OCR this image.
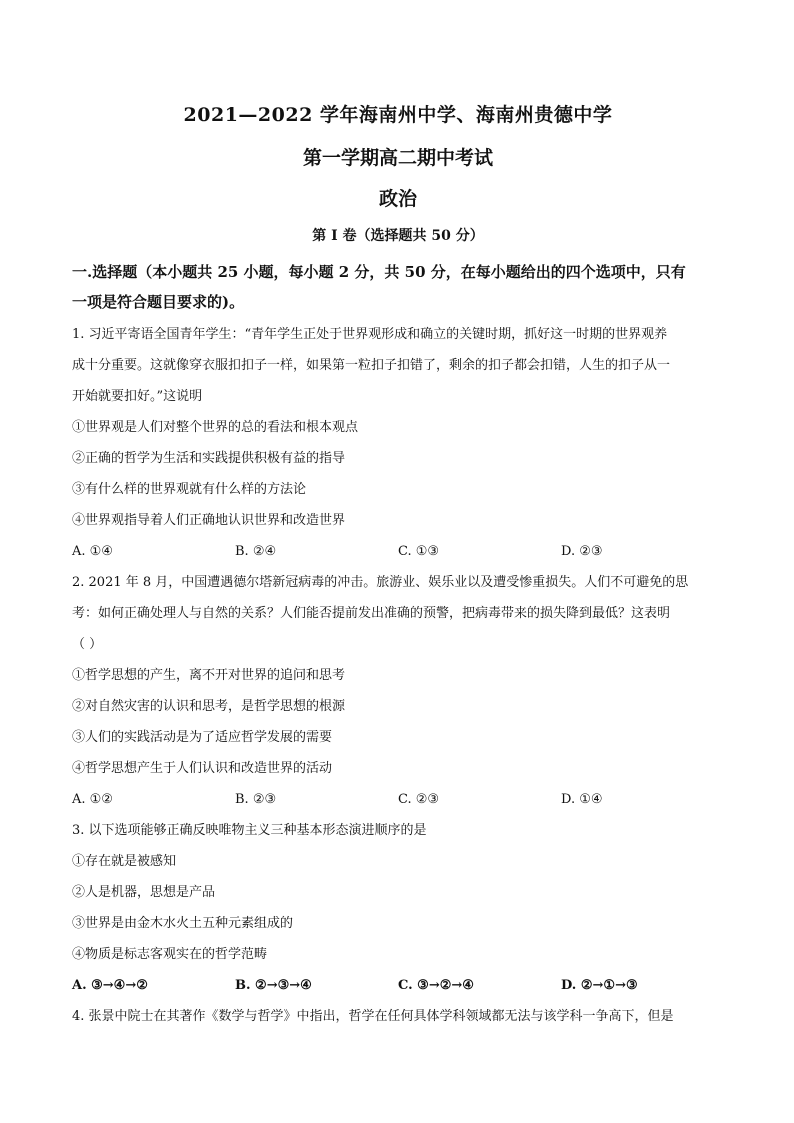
2021—2022 学年海南州中学、海南州贵德中学
第一学期高二期中考试
政治
第 I 卷（选择题共 50 分）
一.选择题（本小题共 25 小题，每小题 2 分，共 50 分，在每小题给出的四个选项中，只有
一项是符合题目要求的)。
1. 习近平寄语全国青年学生：“青年学生正处于世界观形成和确立的关键时期，抓好这一时期的世界观养
成十分重要。这就像穿衣服扣扣子一样，如果第一粒扣子扣错了，剩余的扣子都会扣错，人生的扣子从一
开始就要扣好。”这说明
①世界观是人们对整个世界的总的看法和根本观点
②正确的哲学为生活和实践提供积极有益的指导
③有什么样的世界观就有什么样的方法论
④世界观指导着人们正确地认识世界和改造世界
A. ①④	B. ②④	C. ①③	D. ②③
2. 2021 年 8 月，中国遭遇德尔塔新冠病毒的冲击。旅游业、娱乐业以及遭受惨重损失。人们不可避免的思
考：如何正确处理人与自然的关系？人们能否提前发出准确的预警，把病毒带来的损失降到最低？这表明
（ ）
①哲学思想的产生，离不开对世界的追问和思考
②对自然灾害的认识和思考，是哲学思想的根源
③人们的实践活动是为了适应哲学发展的需要
④哲学思想产生于人们认识和改造世界的活动
A. ①②	B. ②③	C. ②③	D. ①④
3. 以下选项能够正确反映唯物主义三种基本形态演进顺序的是
①存在就是被感知
②人是机器，思想是产品
③世界是由金木水火土五种元素组成的
④物质是标志客观实在的哲学范畴
A. ③→④→②	B. ②→③→④	C. ③→②→④	D. ②→①→③
4. 张景中院士在其著作《数学与哲学》中指出，哲学在任何具体学科领域都无法与该学科一争高下，但是
